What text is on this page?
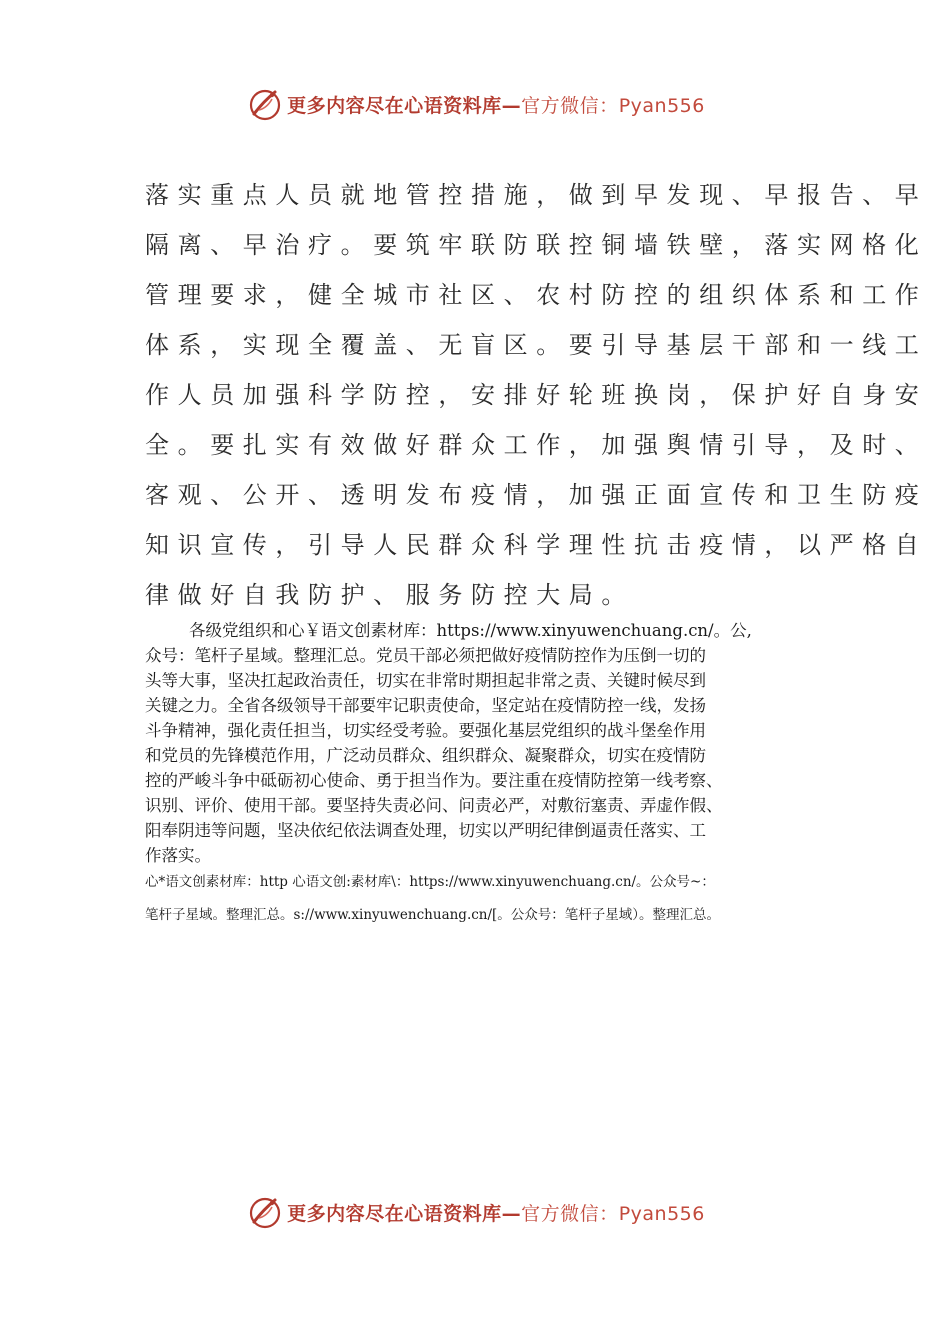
更多内容尽在心语资料库—官方微信：Pyan556
落实重点人员就地管控措施，做到早发现、早报告、早
隔离、早治疗。要筑牢联防联控铜墙铁壁，落实网格化
管理要求，健全城市社区、农村防控的组织体系和工作
体系，实现全覆盖、无盲区。要引导基层干部和一线工
作人员加强科学防控，安排好轮班换岗，保护好自身安
全。要扎实有效做好群众工作，加强舆情引导，及时、
客观、公开、透明发布疫情，加强正面宣传和卫生防疫
知识宣传，引导人民群众科学理性抗击疫情，以严格自
律做好自我防护、服务防控大局。
各级党组织和心￥语文创素材库：https://www.xinyuwenchuang.cn/。公,
众号：笔杆子星域。整理汇总。党员干部必须把做好疫情防控作为压倒一切的
头等大事，坚决扛起政治责任，切实在非常时期担起非常之责、关键时候尽到
关键之力。全省各级领导干部要牢记职责使命，坚定站在疫情防控一线，发扬
斗争精神，强化责任担当，切实经受考验。要强化基层党组织的战斗堡垒作用
和党员的先锋模范作用，广泛动员群众、组织群众、凝聚群众，切实在疫情防
控的严峻斗争中砥砺初心使命、勇于担当作为。要注重在疫情防控第一线考察、
识别、评价、使用干部。要坚持失责必问、问责必严，对敷衍塞责、弄虚作假、
阳奉阴违等问题，坚决依纪依法调查处理，切实以严明纪律倒逼责任落实、工
作落实。
心*语文创素材库：http 心语文创:素材库\：https://www.xinyuwenchuang.cn/。公众号~：
笔杆子星域。整理汇总。s://www.xinyuwenchuang.cn/[。公众号：笔杆子星域）。整理汇总。
更多内容尽在心语资料库—官方微信：Pyan556
